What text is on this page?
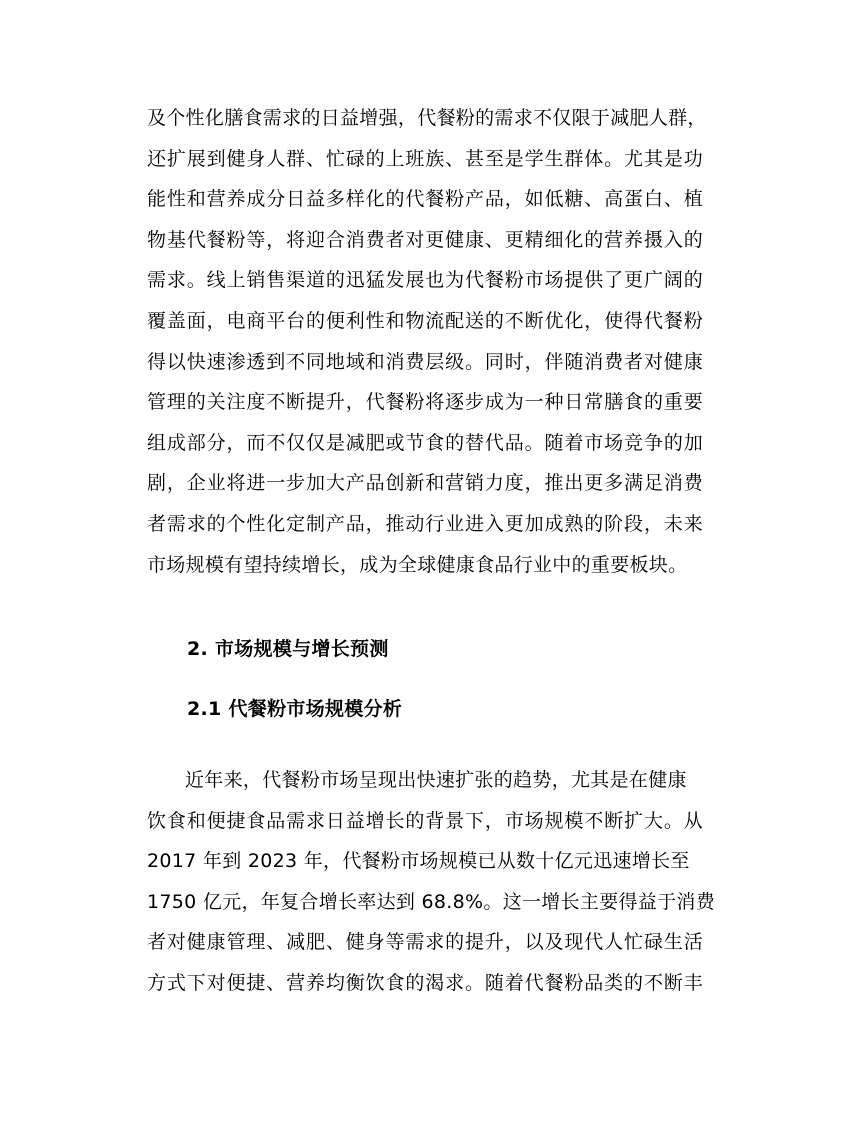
及个性化膳食需求的日益增强，代餐粉的需求不仅限于减肥人群，
还扩展到健身人群、忙碌的上班族、甚至是学生群体。尤其是功
能性和营养成分日益多样化的代餐粉产品，如低糖、高蛋白、植
物基代餐粉等，将迎合消费者对更健康、更精细化的营养摄入的
需求。线上销售渠道的迅猛发展也为代餐粉市场提供了更广阔的
覆盖面，电商平台的便利性和物流配送的不断优化，使得代餐粉
得以快速渗透到不同地域和消费层级。同时，伴随消费者对健康
管理的关注度不断提升，代餐粉将逐步成为一种日常膳食的重要
组成部分，而不仅仅是减肥或节食的替代品。随着市场竞争的加
剧，企业将进一步加大产品创新和营销力度，推出更多满足消费
者需求的个性化定制产品，推动行业进入更加成熟的阶段，未来
市场规模有望持续增长，成为全球健康食品行业中的重要板块。
2. 市场规模与增长预测
2.1 代餐粉市场规模分析
近年来，代餐粉市场呈现出快速扩张的趋势，尤其是在健康
饮食和便捷食品需求日益增长的背景下，市场规模不断扩大。从
2017 年到 2023 年，代餐粉市场规模已从数十亿元迅速增长至
1750 亿元，年复合增长率达到 68.8%。这一增长主要得益于消费
者对健康管理、减肥、健身等需求的提升，以及现代人忙碌生活
方式下对便捷、营养均衡饮食的渴求。随着代餐粉品类的不断丰
